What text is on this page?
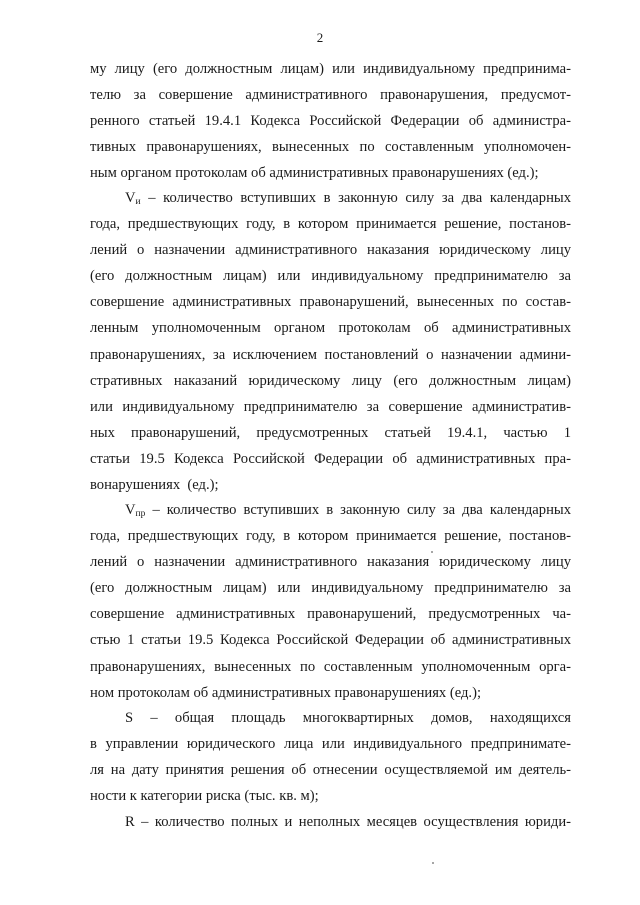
2
му лицу (его должностным лицам) или индивидуальному предпринима-
телю за совершение административного правонарушения, предусмот-
ренного статьей 19.4.1 Кодекса Российской Федерации об администра-
тивных правонарушениях, вынесенных по составленным уполномочен-
ным органом протоколам об административных правонарушениях (ед.);
$V_и$ – количество вступивших в законную силу за два календарных
года, предшествующих году, в котором принимается решение, постанов-
лений о назначении административного наказания юридическому лицу
(его должностным лицам) или индивидуальному предпринимателю за
совершение административных правонарушений, вынесенных по состав-
ленным уполномоченным органом протоколам об административных
правонарушениях, за исключением постановлений о назначении админи-
стративных наказаний юридическому лицу (его должностным лицам)
или индивидуальному предпринимателю за совершение административ-
ных правонарушений, предусмотренных статьей 19.4.1, частью 1
статьи 19.5 Кодекса Российской Федерации об административных пра-
вонарушениях  (ед.);
$V_{пр}$ – количество вступивших в законную силу за два календарных
года, предшествующих году, в котором принимается решение, постанов-
лений о назначении административного наказания юридическому лицу
(его должностным лицам) или индивидуальному предпринимателю за
совершение административных правонарушений, предусмотренных ча-
стью 1 статьи 19.5 Кодекса Российской Федерации об административных
правонарушениях, вынесенных по составленным уполномоченным орга-
ном протоколам об административных правонарушениях (ед.);
S  –  общая  площадь  многоквартирных  домов,  находящихся
в управлении юридического лица или индивидуального предпринимате-
ля на дату принятия решения об отнесении осуществляемой им деятель-
ности к категории риска (тыс. кв. м);
R – количество полных и неполных месяцев осуществления юриди-
